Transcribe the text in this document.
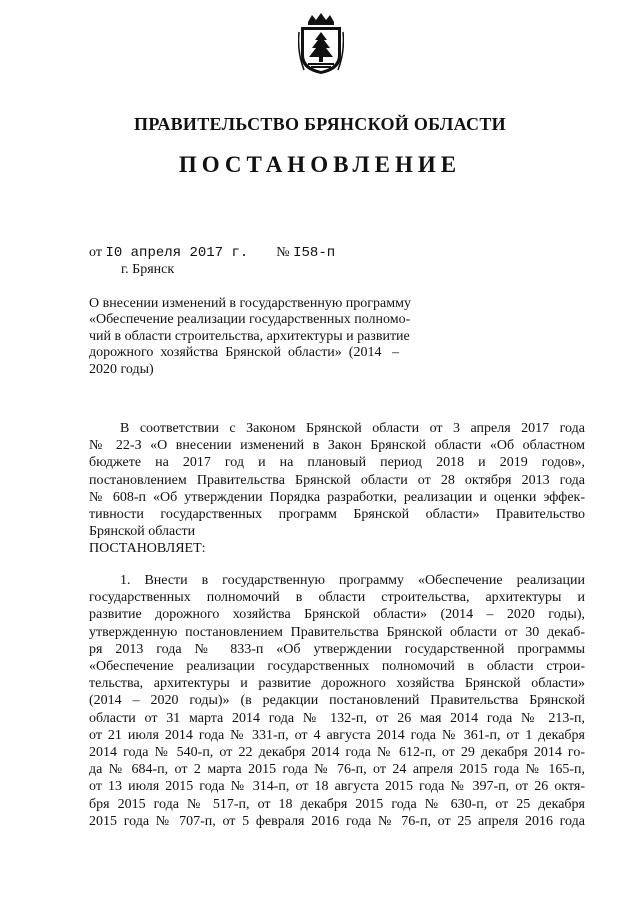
ПРАВИТЕЛЬСТВО БРЯНСКОЙ ОБЛАСТИ
ПОСТАНОВЛЕНИЕ
от I0 апреля 2017 г. № I58-п
г. Брянск
О внесении изменений в государственную программу
«Обеспечение реализации государственных полномо-
чий в области строительства, архитектуры и развитие
дорожного  хозяйства  Брянской  области»  (2014   –
2020 годы)
В соответствии с Законом Брянской области от 3 апреля 2017 года
№ 22-З «О внесении изменений в Закон Брянской области «Об областном
бюджете на 2017 год и на плановый период 2018 и 2019 годов»,
постановлением Правительства Брянской области от 28 октября 2013 года
№ 608-п «Об утверждении Порядка разработки, реализации и оценки эффек-
тивности государственных программ Брянской области» Правительство
Брянской области
ПОСТАНОВЛЯЕТ:
1. Внести в государственную программу «Обеспечение реализации
государственных полномочий в области строительства, архитектуры и
развитие дорожного хозяйства Брянской области» (2014 – 2020 годы),
утвержденную постановлением Правительства Брянской области от 30 декаб-
ря 2013 года № 833-п «Об утверждении государственной программы
«Обеспечение реализации государственных полномочий в области строи-
тельства, архитектуры и развитие дорожного хозяйства Брянской области»
(2014 – 2020 годы)» (в редакции постановлений Правительства Брянской
области от 31 марта 2014 года № 132-п, от 26 мая 2014 года № 213-п,
от 21 июля 2014 года № 331-п, от 4 августа 2014 года № 361-п, от 1 декабря
2014 года № 540-п, от 22 декабря 2014 года № 612-п, от 29 декабря 2014 го-
да № 684-п, от 2 марта 2015 года № 76-п, от 24 апреля 2015 года № 165-п,
от 13 июля 2015 года № 314-п, от 18 августа 2015 года № 397-п, от 26 октя-
бря 2015 года № 517-п, от 18 декабря 2015 года № 630-п, от 25 декабря
2015 года № 707-п, от 5 февраля 2016 года № 76-п, от 25 апреля 2016 года
